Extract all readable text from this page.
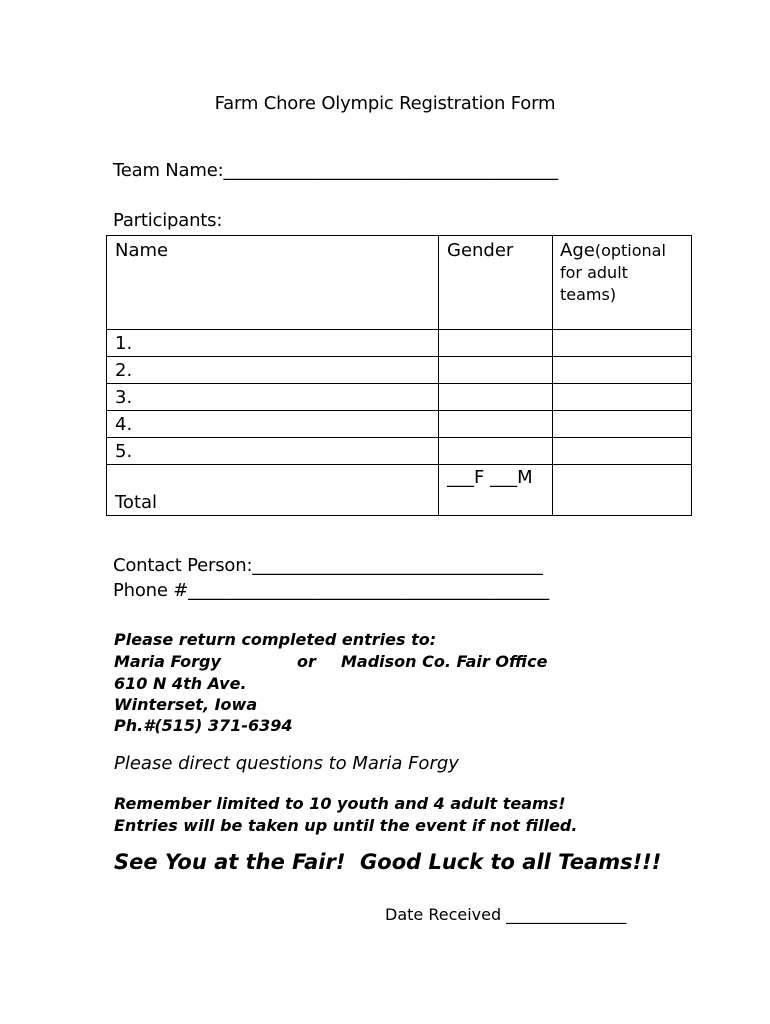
Farm Chore Olympic Registration Form
Team Name:______________________________________
Participants:
Name	Gender	Age(optional
for adult
teams)

1.		

2.		

3.		

4.		

5.		

Total	___F ___M	

Contact Person:_________________________________
Phone #_________________________________________
Please return completed entries to:
Maria Forgy	or Madison Co. Fair Office
610 N 4th Ave.
Winterset, Iowa
Ph.#(515) 371-6394
Please direct questions to Maria Forgy
Remember limited to 10 youth and 4 adult teams!
Entries will be taken up until the event if not filled.
See You at the Fair!  Good Luck to all Teams!!!
Date Received _______________
